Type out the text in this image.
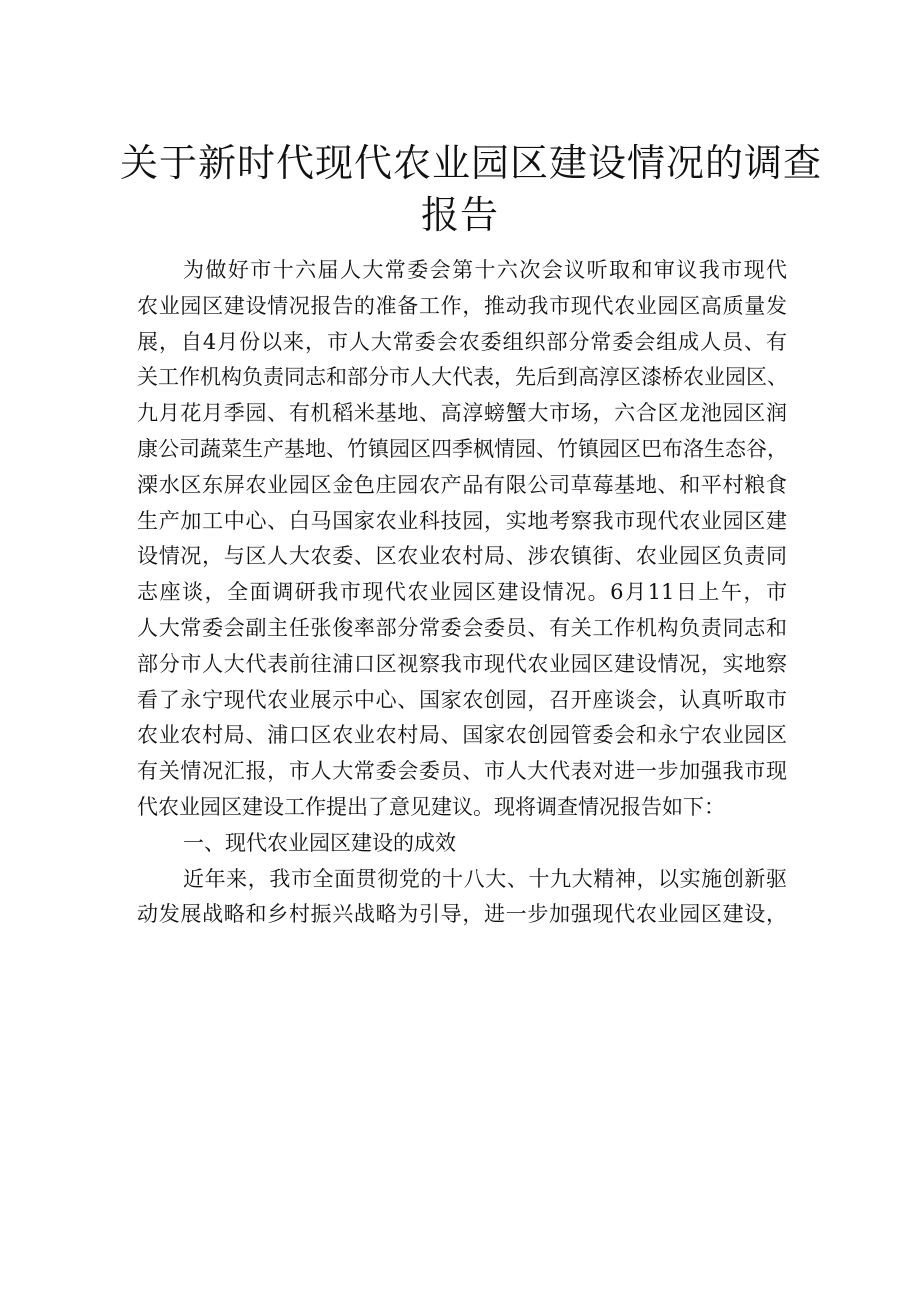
关于新时代现代农业园区建设情况的调查
报告
为做好市十六届人大常委会第十六次会议听取和审议我市现代
农业园区建设情况报告的准备工作，推动我市现代农业园区高质量发
展，自4月份以来，市人大常委会农委组织部分常委会组成人员、有
关工作机构负责同志和部分市人大代表，先后到高淳区漆桥农业园区、
九月花月季园、有机稻米基地、高淳螃蟹大市场，六合区龙池园区润
康公司蔬菜生产基地、竹镇园区四季枫情园、竹镇园区巴布洛生态谷，
溧水区东屏农业园区金色庄园农产品有限公司草莓基地、和平村粮食
生产加工中心、白马国家农业科技园，实地考察我市现代农业园区建
设情况，与区人大农委、区农业农村局、涉农镇街、农业园区负责同
志座谈，全面调研我市现代农业园区建设情况。6月11日上午，市
人大常委会副主任张俊率部分常委会委员、有关工作机构负责同志和
部分市人大代表前往浦口区视察我市现代农业园区建设情况，实地察
看了永宁现代农业展示中心、国家农创园，召开座谈会，认真听取市
农业农村局、浦口区农业农村局、国家农创园管委会和永宁农业园区
有关情况汇报，市人大常委会委员、市人大代表对进一步加强我市现
代农业园区建设工作提出了意见建议。现将调查情况报告如下：
一、现代农业园区建设的成效
近年来，我市全面贯彻党的十八大、十九大精神，以实施创新驱
动发展战略和乡村振兴战略为引导，进一步加强现代农业园区建设，
